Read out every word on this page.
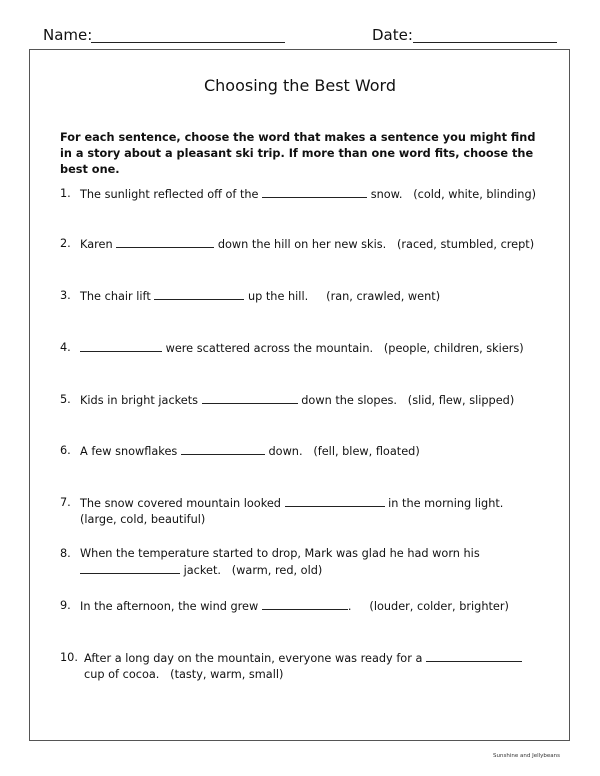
Name:	Date:
Choosing the Best Word
For each sentence, choose the word that makes a sentence you might find in a story about a pleasant ski trip. If more than one word fits, choose the best one.
1. The sunlight reflected off of the	snow. (cold, white, blinding)
2. Karen	down the hill on her new skis. (raced, stumbled, crept)
3. The chair lift	up the hill. (ran, crawled, went)
4.	were scattered across the mountain. (people, children, skiers)
5. Kids in bright jackets	down the slopes. (slid, flew, slipped)
6. A few snowflakes	down. (fell, blew, floated)
7. The snow covered mountain looked	in the morning light.   (large, cold, beautiful)
8. When the temperature started to drop, Mark was glad he had worn his  jacket. (warm, red, old)
9. In the afternoon, the wind grew	. (louder, colder, brighter)
10. After a long day on the mountain, everyone was ready for a  cup of cocoa. (tasty, warm, small)
Sunshine and Jellybeans
